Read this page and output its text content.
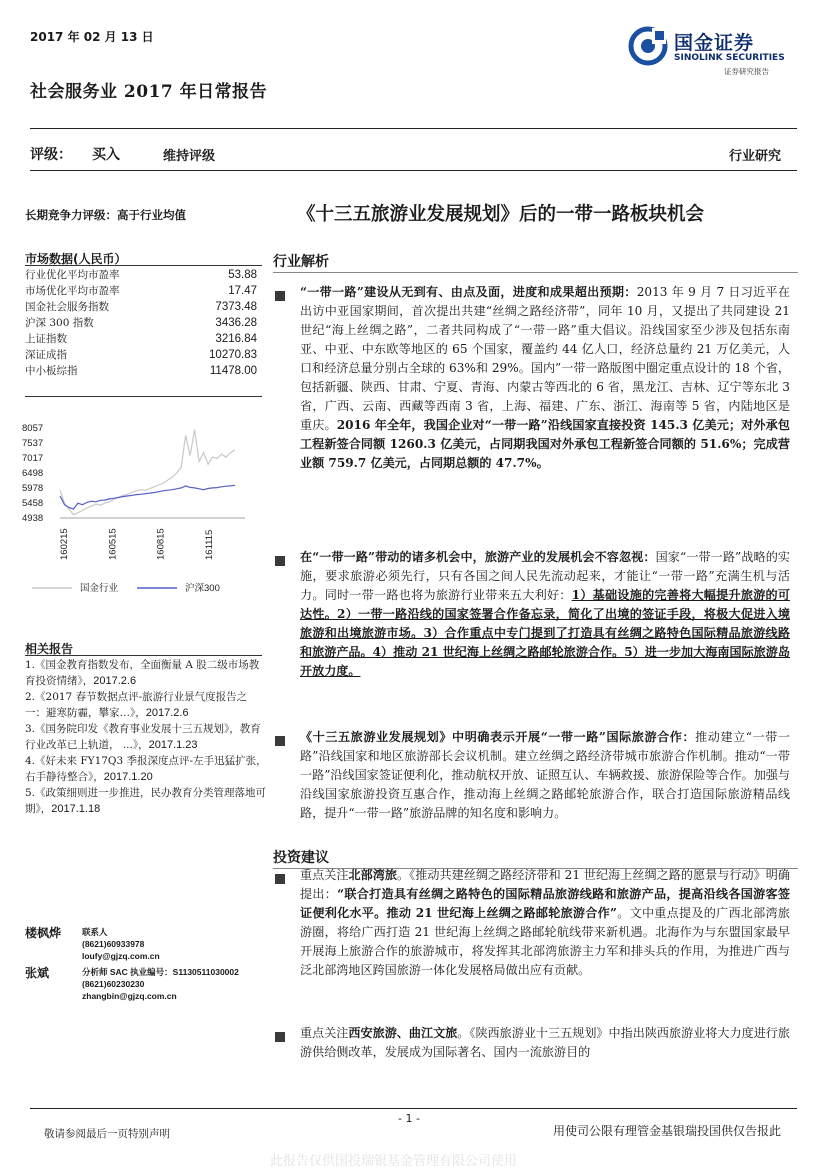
2017 年 02 月 13 日
社会服务业 2017 年日常报告
国金证券
SINOLINK SECURITIES
证券研究报告
评级： 买入	维持评级	行业研究
长期竞争力评级：高于行业均值
市场数据(人民币）
行业优化平均市盈率	53.88
市场优化平均市盈率	17.47
国金社会服务指数	7373.48
沪深 300 指数	3436.28
上证指数	3216.84
深证成指	10270.83
中小板综指	11478.00
8057
7537
7017
6498
5978
5458
4938
160215	160515	160815	161115
国金行业	沪深300
相关报告
1.《国金教育指数发布，全面衡量 A 股二级市场教育投资情绪》，2017.2.6
2.《2017 春节数据点评-旅游行业景气度报告之一：避寒防霾，攀家…》，2017.2.6
3.《国务院印发《教育事业发展十三五规划》，教育行业改革已上轨道， ...》，2017.1.23
4.《好未来 FY17Q3 季报深度点评-左手迅猛扩张，右手静待整合》，2017.1.20
5.《政策细则进一步推进，民办教育分类管理落地可期》，2017.1.18
楼枫烨 联系人
(8621)60933978
loufy@gjzq.com.cn
张斌	分析师 SAC 执业编号：S1130511030002
(8621)60230230
zhangbin@gjzq.com.cn
《十三五旅游业发展规划》后的一带一路板块机会
行业解析
“一带一路”建设从无到有、由点及面，进度和成果超出预期：2013 年 9 月 7 日习近平在出访中亚国家期间，首次提出共建“丝绸之路经济带”，同年 10 月，又提出了共同建设 21 世纪“海上丝绸之路”，二者共同构成了“一带一路”重大倡议。沿线国家至少涉及包括东南亚、中亚、中东欧等地区的 65 个国家，覆盖约 44 亿人口，经济总量约 21 万亿美元，人口和经济总量分别占全球的 63%和 29%。国内”一带一路版图中圈定重点设计的 18 个省，包括新疆、陕西、甘肃、宁夏、青海、内蒙古等西北的 6 省，黑龙江、吉林、辽宁等东北 3 省，广西、云南、西藏等西南 3 省，上海、福建、广东、浙江、海南等 5 省，内陆地区是重庆。2016 年全年，我国企业对“一带一路”沿线国家直接投资 145.3 亿美元；对外承包工程新签合同额 1260.3 亿美元，占同期我国对外承包工程新签合同额的 51.6%；完成营业额 759.7 亿美元，占同期总额的 47.7%。
在“一带一路”带动的诸多机会中，旅游产业的发展机会不容忽视：国家“一带一路”战略的实施，要求旅游必须先行，只有各国之间人民先流动起来，才能让“一带一路”充满生机与活力。同时一带一路也将为旅游行业带来五大利好：1）基础设施的完善将大幅提升旅游的可达性。2）一带一路沿线的国家签署合作备忘录，简化了出境的签证手段，将极大促进入境旅游和出境旅游市场。3）合作重点中专门提到了打造具有丝绸之路特色国际精品旅游线路和旅游产品。4）推动 21 世纪海上丝绸之路邮轮旅游合作。5）进一步加大海南国际旅游岛开放力度。
《十三五旅游业发展规划》中明确表示开展“一带一路”国际旅游合作：推动建立“一带一路”沿线国家和地区旅游部长会议机制。建立丝绸之路经济带城市旅游合作机制。推动“一带一路”沿线国家签证便利化，推动航权开放、证照互认、车辆救援、旅游保险等合作。加强与沿线国家旅游投资互惠合作，推动海上丝绸之路邮轮旅游合作，联合打造国际旅游精品线路，提升“一带一路”旅游品牌的知名度和影响力。
投资建议
重点关注北部湾旅。《推动共建丝绸之路经济带和 21 世纪海上丝绸之路的愿景与行动》明确提出：“联合打造具有丝绸之路特色的国际精品旅游线路和旅游产品，提高沿线各国游客签证便利化水平。推动 21 世纪海上丝绸之路邮轮旅游合作”。文中重点提及的广西北部湾旅游圈，将给广西打造 21 世纪海上丝绸之路邮轮航线带来新机遇。北海作为与东盟国家最早开展海上旅游合作的旅游城市，将发挥其北部湾旅游主力军和排头兵的作用，为推进广西与泛北部湾地区跨国旅游一体化发展格局做出应有贡献。
重点关注西安旅游、曲江文旅。《陕西旅游业十三五规划》中指出陕西旅游业将大力度进行旅游供给侧改革，发展成为国际著名、国内一流旅游目的
- 1 -
敬请参阅最后一页特别声明	用使司公限有理管金基银瑞投国供仅告报此
此报告仅供国投瑞银基金管理有限公司使用
